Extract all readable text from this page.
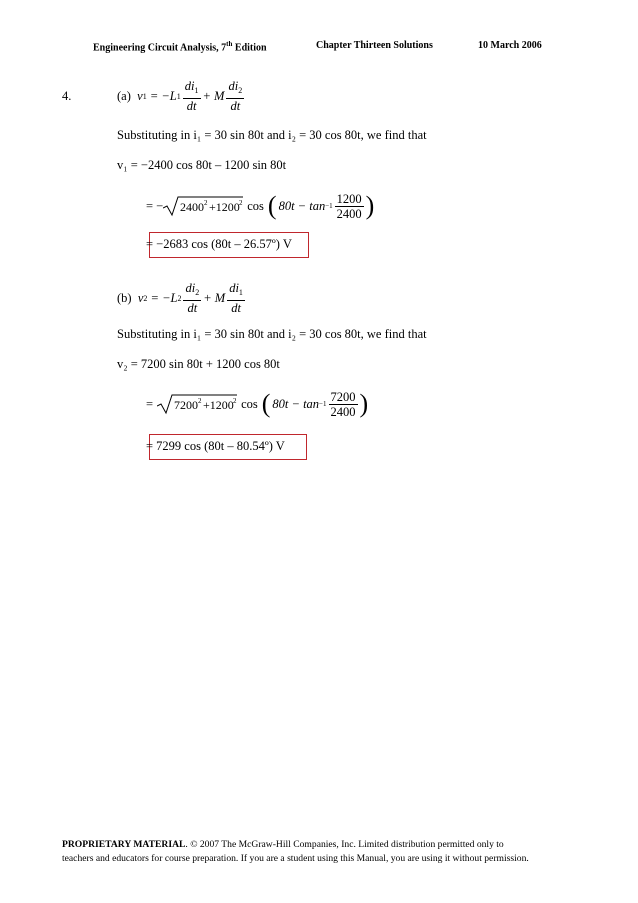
Engineering Circuit Analysis, 7th Edition	Chapter Thirteen Solutions	10 March 2006
4.	(a)
v 1
= −L $1 \frac{di_1}{dt} + M \frac{di_2}{dt}$
Substituting in i₁ = 30 sin 80t and i₂ = 30 cos 80t, we find that
v₁ = −2400 cos 80t – 1200 sin 80t
= − 2400 2 +1200 2 cos ( $80t - \tan -1 \frac{1200}{2400}$ )
= −2683 cos (80t – 26.57º) V
(b)
v 2
= −L $2 \frac{di_2}{dt} + M \frac{di_1}{dt}$
Substituting in i₁ = 30 sin 80t and i₂ = 30 cos 80t, we find that
v₂ = 7200 sin 80t + 1200 cos 80t
= 7200 2 +1200 2 cos ( $80t - \tan -1 \frac{7200}{2400}$ )
= 7299 cos (80t – 80.54º) V
PROPRIETARY MATERIAL. © 2007 The McGraw-Hill Companies, Inc. Limited distribution permitted only to
teachers and educators for course preparation. If you are a student using this Manual, you are using it without permission.
